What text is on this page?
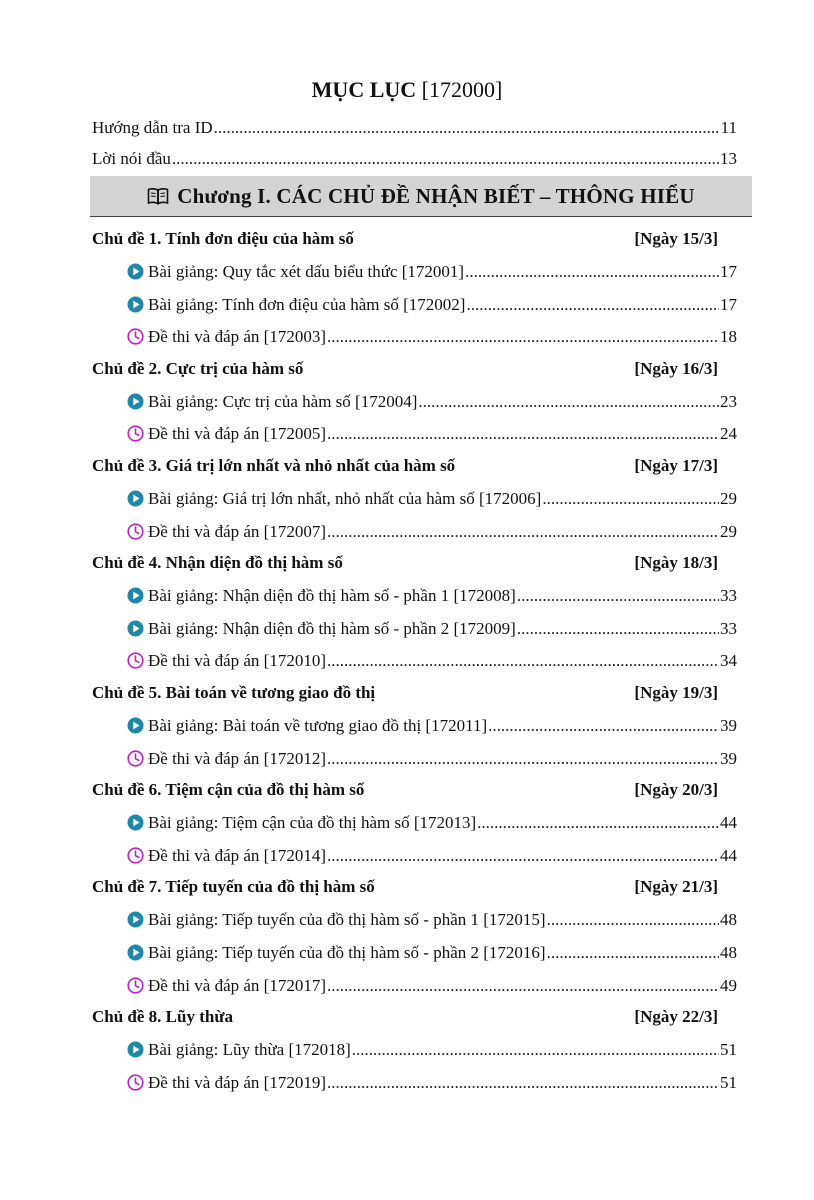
MỤC LỤC [172000]
Hướng dẫn tra ID .....	11
Lời nói đầu .....	13
Chương I. CÁC CHỦ ĐỀ NHẬN BIẾT – THÔNG HIỂU
Chủ đề 1. Tính đơn điệu của hàm số	[Ngày 15/3]
Bài giảng: Quy tắc xét dấu biểu thức [172001] .....	17
Bài giảng: Tính đơn điệu của hàm số [172002] .....	17
Đề thi và đáp án [172003] .....	18
Chủ đề 2. Cực trị của hàm số	[Ngày 16/3]
Bài giảng: Cực trị của hàm số [172004] .....	23
Đề thi và đáp án [172005] .....	24
Chủ đề 3. Giá trị lớn nhất và nhỏ nhất của hàm số	[Ngày 17/3]
Bài giảng: Giá trị lớn nhất, nhỏ nhất của hàm số [172006] .....	29
Đề thi và đáp án [172007] .....	29
Chủ đề 4. Nhận diện đồ thị hàm số	[Ngày 18/3]
Bài giảng: Nhận diện đồ thị hàm số - phần 1 [172008] .....	33
Bài giảng: Nhận diện đồ thị hàm số - phần 2 [172009] .....	33
Đề thi và đáp án [172010] .....	34
Chủ đề 5. Bài toán về tương giao đồ thị	[Ngày 19/3]
Bài giảng: Bài toán về tương giao đồ thị [172011] .....	39
Đề thi và đáp án [172012] .....	39
Chủ đề 6. Tiệm cận của đồ thị hàm số	[Ngày 20/3]
Bài giảng: Tiệm cận của đồ thị hàm số [172013] .....	44
Đề thi và đáp án [172014] .....	44
Chủ đề 7. Tiếp tuyến của đồ thị hàm số	[Ngày 21/3]
Bài giảng: Tiếp tuyến của đồ thị hàm số - phần 1 [172015] .....	48
Bài giảng: Tiếp tuyến của đồ thị hàm số - phần 2 [172016] .....	48
Đề thi và đáp án [172017] .....	49
Chủ đề 8. Lũy thừa	[Ngày 22/3]
Bài giảng: Lũy thừa [172018] .....	51
Đề thi và đáp án [172019] .....	51
